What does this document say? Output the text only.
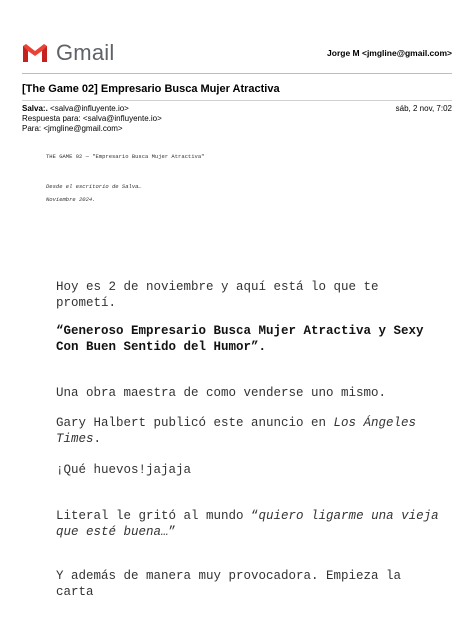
Gmail	Jorge M <jmgline@gmail.com>
[The Game 02] Empresario Busca Mujer Atractiva
Salva:. <salva@influyente.io>
Respuesta para: <salva@influyente.io>
Para: <jmgline@gmail.com>
sáb, 2 nov, 7:02
THE GAME 02 — "Empresario Busca Mujer Atractiva"
Desde el escritorio de Salva…
Noviembre 2024.
Hoy es 2 de noviembre y aquí está lo que te prometí.
“Generoso Empresario Busca Mujer Atractiva y Sexy
Con Buen Sentido del Humor”.
Una obra maestra de como venderse uno mismo.
Gary Halbert publicó este anuncio en Los Ángeles
Times.
¡Qué huevos!jajaja
Literal le gritó al mundo “quiero ligarme una vieja
que esté buena…”
Y además de manera muy provocadora. Empieza la carta
